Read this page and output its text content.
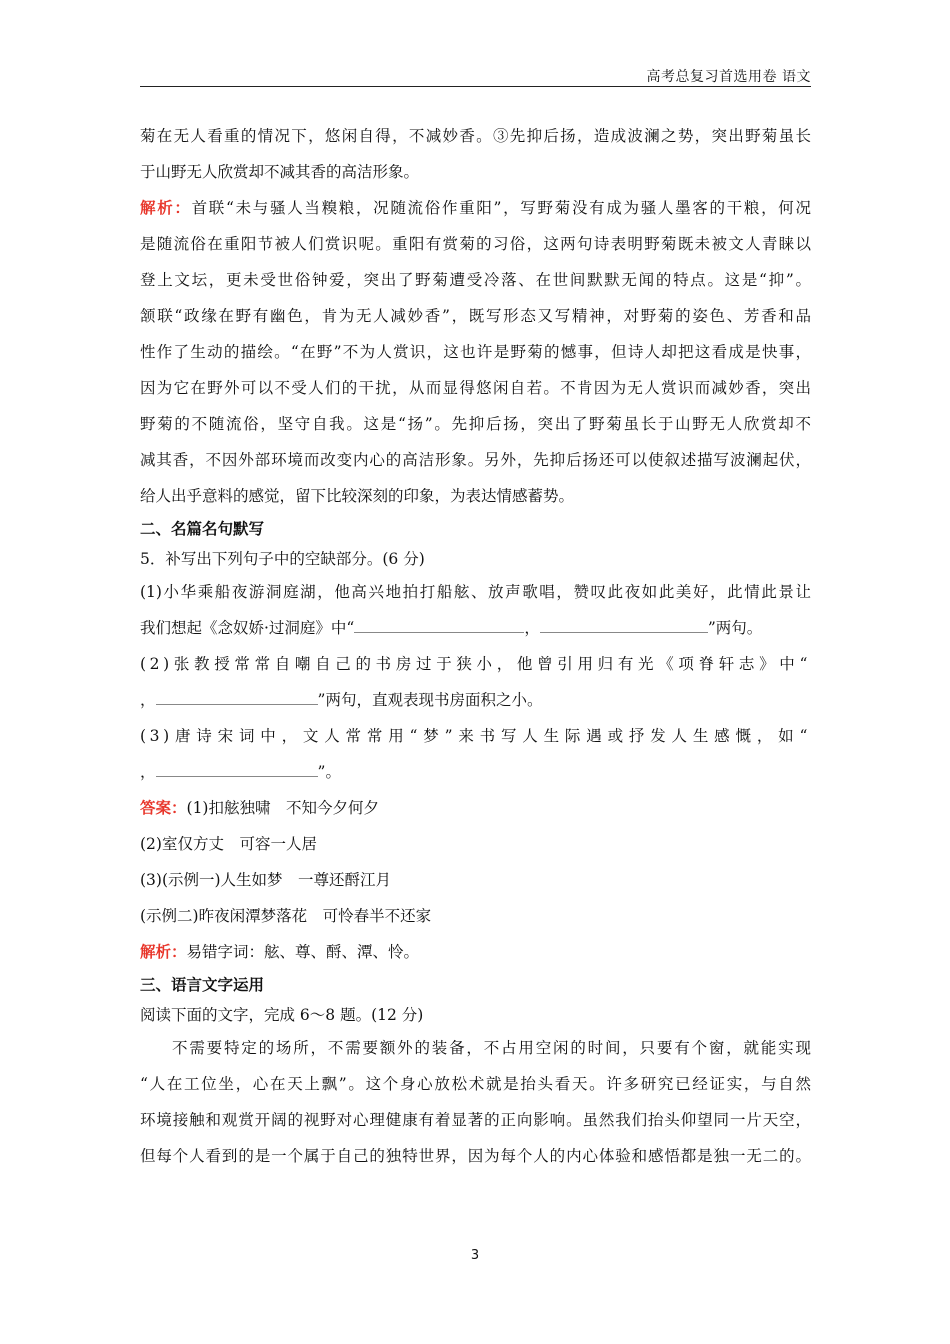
高考总复习首选用卷 语文
菊在无人看重的情况下，悠闲自得，不减妙香。③先抑后扬，造成波澜之势，突出野菊虽长
于山野无人欣赏却不减其香的高洁形象。
解析：首联“未与骚人当糗粮，况随流俗作重阳”，写野菊没有成为骚人墨客的干粮，何况
是随流俗在重阳节被人们赏识呢。重阳有赏菊的习俗，这两句诗表明野菊既未被文人青睐以
登上文坛，更未受世俗钟爱，突出了野菊遭受冷落、在世间默默无闻的特点。这是“抑”。
颔联“政缘在野有幽色，肯为无人减妙香”，既写形态又写精神，对野菊的姿色、芳香和品
性作了生动的描绘。“在野”不为人赏识，这也许是野菊的憾事，但诗人却把这看成是快事，
因为它在野外可以不受人们的干扰，从而显得悠闲自若。不肯因为无人赏识而减妙香，突出
野菊的不随流俗，坚守自我。这是“扬”。先抑后扬，突出了野菊虽长于山野无人欣赏却不
减其香，不因外部环境而改变内心的高洁形象。另外，先抑后扬还可以使叙述描写波澜起伏，
给人出乎意料的感觉，留下比较深刻的印象，为表达情感蓄势。
二、名篇名句默写
5．补写出下列句子中的空缺部分。(6 分)
(1)小华乘船夜游洞庭湖，他高兴地拍打船舷、放声歌唱，赞叹此夜如此美好，此情此景让
我们想起《念奴娇·过洞庭》中“	，	”两句。
(2)张教授常常自嘲自己的书房过于狭小，他曾引用归有光《项脊轩志》中“
，	”两句，直观表现书房面积之小。
(3)唐诗宋词中，文人常常用“梦”来书写人生际遇或抒发人生感慨，如“
，	”。
答案：(1)扣舷独啸　不知今夕何夕
(2)室仅方丈　可容一人居
(3)(示例一)人生如梦　一尊还酹江月
(示例二)昨夜闲潭梦落花　可怜春半不还家
解析：易错字词：舷、尊、酹、潭、怜。
三、语言文字运用
阅读下面的文字，完成 6～8 题。(12 分)
不需要特定的场所，不需要额外的装备，不占用空闲的时间，只要有个窗，就能实现
“人在工位坐，心在天上飘”。这个身心放松术就是抬头看天。许多研究已经证实，与自然
环境接触和观赏开阔的视野对心理健康有着显著的正向影响。虽然我们抬头仰望同一片天空，
但每个人看到的是一个属于自己的独特世界，因为每个人的内心体验和感悟都是独一无二的。
3
